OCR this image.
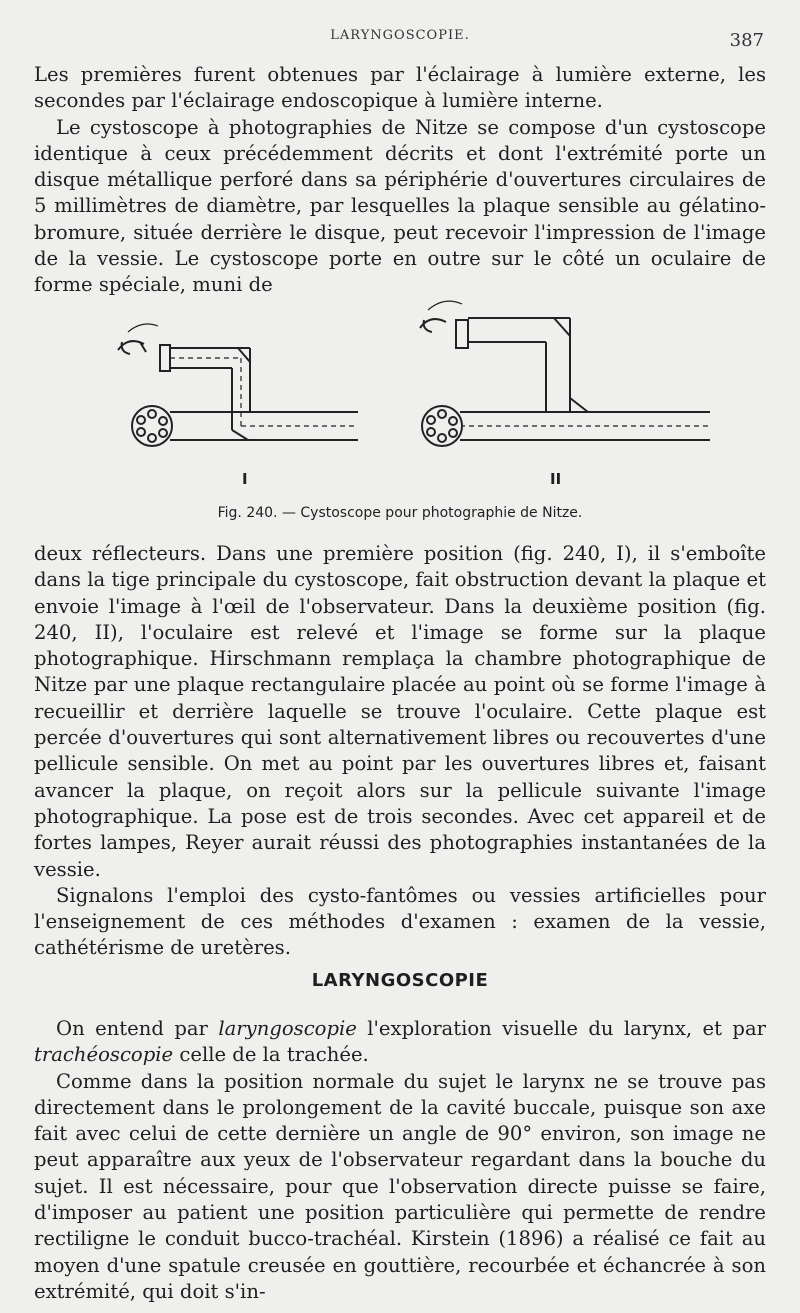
LARYNGOSCOPIE.	387

Les premières furent obtenues par l'éclairage à lumière externe, les secondes par l'éclairage endoscopique à lumière interne.

Le cystoscope à photographies de Nitze se compose d'un cystoscope identique à ceux précédemment décrits et dont l'extrémité porte un disque métallique perforé dans sa périphérie d'ouvertures circulaires de 5 millimètres de diamètre, par lesquelles la plaque sensible au gélatino-bromure, située derrière le disque, peut recevoir l'impression de l'image de la vessie. Le cystoscope porte en outre sur le côté un oculaire de forme spéciale, muni de

I	II
Fig. 240. — Cystoscope pour photographie de Nitze.

deux réflecteurs. Dans une première position (fig. 240, I), il s'emboîte dans la tige principale du cystoscope, fait obstruction devant la plaque et envoie l'image à l'œil de l'observateur. Dans la deuxième position (fig. 240, II), l'oculaire est relevé et l'image se forme sur la plaque photographique. Hirschmann remplaça la chambre photographique de Nitze par une plaque rectangulaire placée au point où se forme l'image à recueillir et derrière laquelle se trouve l'oculaire. Cette plaque est percée d'ouvertures qui sont alternativement libres ou recouvertes d'une pellicule sensible. On met au point par les ouvertures libres et, faisant avancer la plaque, on reçoit alors sur la pellicule suivante l'image photographique. La pose est de trois secondes. Avec cet appareil et de fortes lampes, Reyer aurait réussi des photographies instantanées de la vessie.

Signalons l'emploi des cysto-fantômes ou vessies artificielles pour l'enseignement de ces méthodes d'examen : examen de la vessie, cathétérisme de uretères.

LARYNGOSCOPIE

On entend par laryngoscopie l'exploration visuelle du larynx, et par trachéoscopie celle de la trachée.

Comme dans la position normale du sujet le larynx ne se trouve pas directement dans le prolongement de la cavité buccale, puisque son axe fait avec celui de cette dernière un angle de 90° environ, son image ne peut apparaître aux yeux de l'observateur regardant dans la bouche du sujet. Il est nécessaire, pour que l'observation directe puisse se faire, d'imposer au patient une position particulière qui permette de rendre rectiligne le conduit bucco-trachéal. Kirstein (1896) a réalisé ce fait au moyen d'une spatule creusée en gouttière, recourbée et échancrée à son extrémité, qui doit s'in-
